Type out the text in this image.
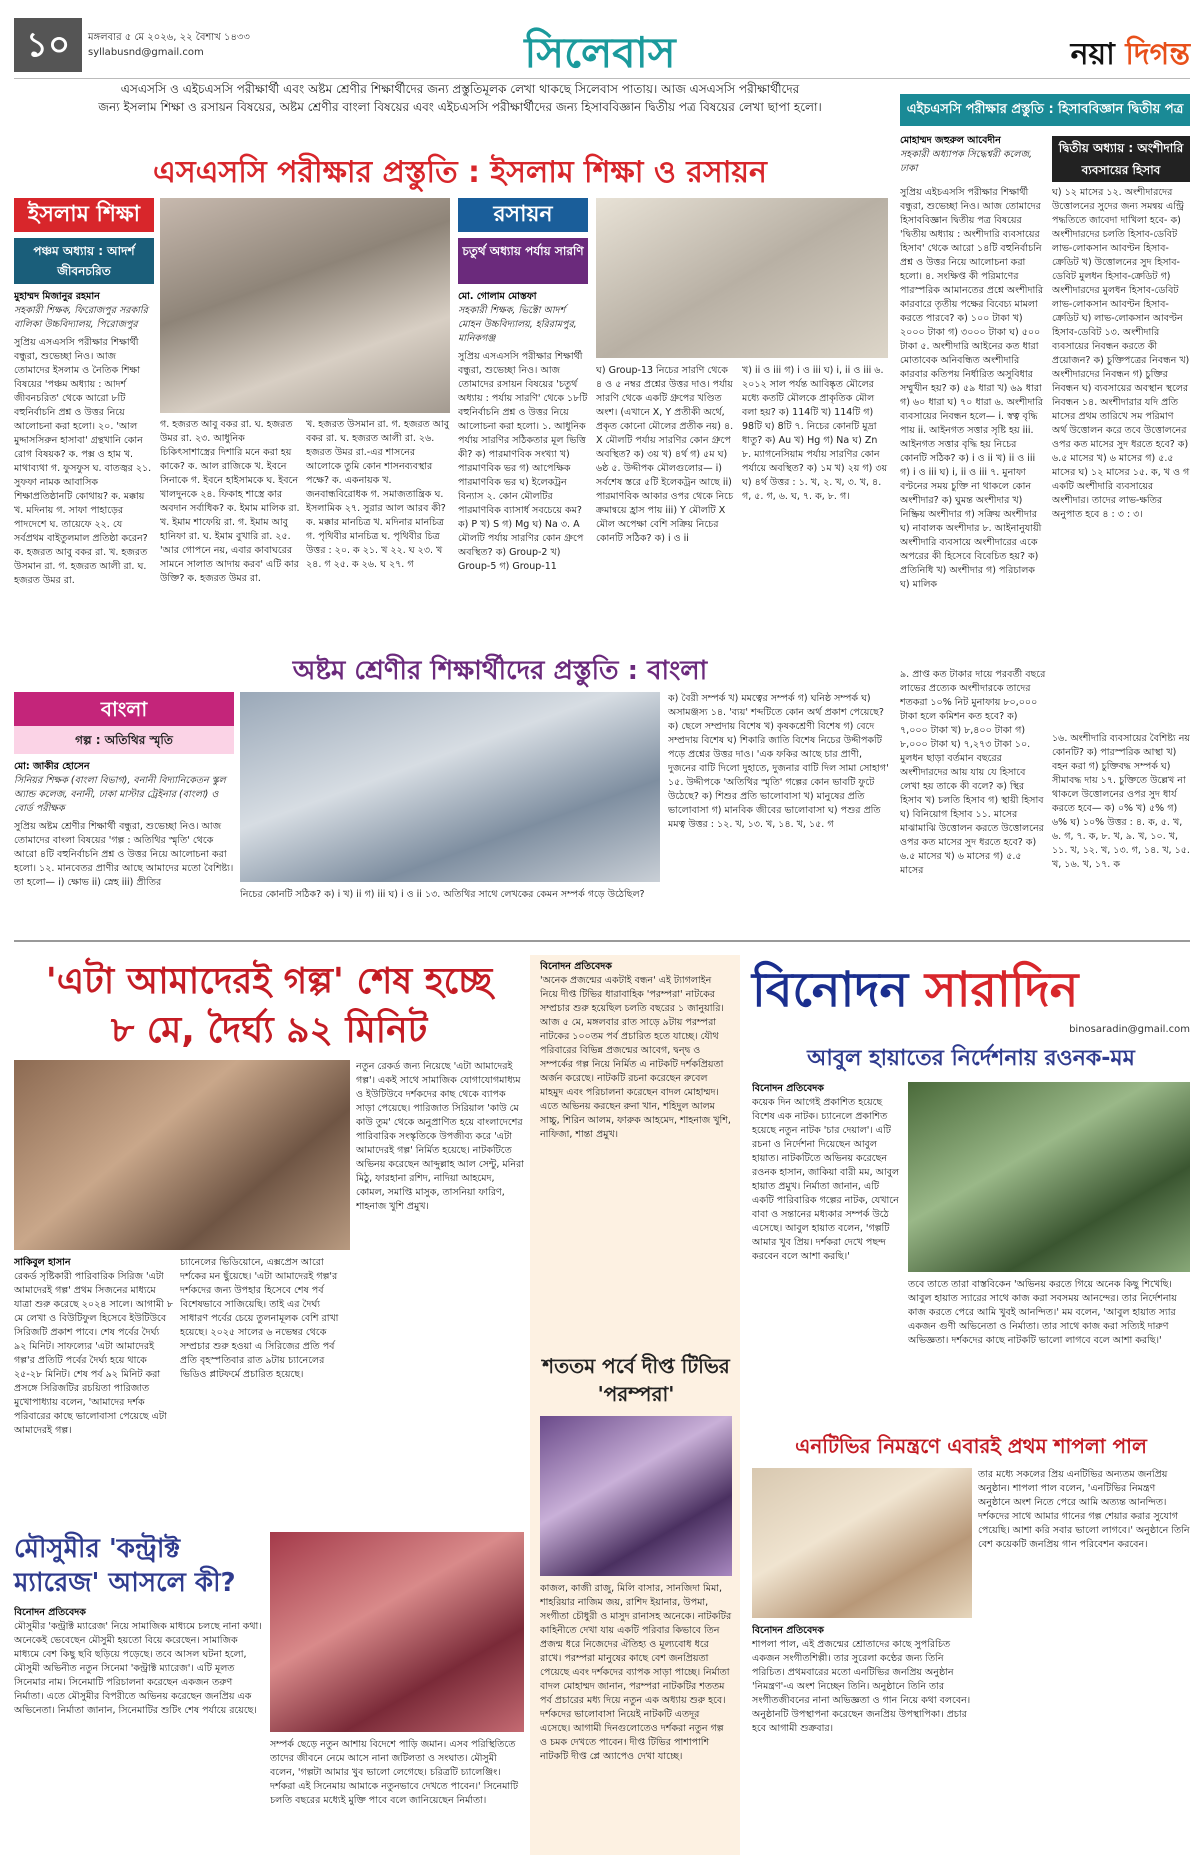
১০	মঙ্গলবার ৫ মে ২০২৬, ২২ বৈশাখ ১৪৩৩
syllabusnd@gmail.com	সিলেবাস	নয়া দিগন্ত
এসএসসি ও এইচএসসি পরীক্ষার্থী এবং অষ্টম শ্রেণীর শিক্ষার্থীদের জন্য প্রস্তুতিমূলক লেখা থাকছে সিলেবাস পাতায়। আজ এসএসসি পরীক্ষার্থীদের
জন্য ইসলাম শিক্ষা ও রসায়ন বিষয়ের, অষ্টম শ্রেণীর বাংলা বিষয়ের এবং এইচএসসি পরীক্ষার্থীদের জন্য হিসাববিজ্ঞান দ্বিতীয় পত্র বিষয়ের লেখা ছাপা হলো।
এসএসসি পরীক্ষার প্রস্তুতি : ইসলাম শিক্ষা ও রসায়ন
ইসলাম শিক্ষা
পঞ্চম অধ্যায় : আদর্শ জীবনচরিত
মুহাম্মদ মিজানুর রহমান
সহকারী শিক্ষক, ফিরোজপুর সরকারি বালিকা উচ্চবিদ্যালয়, পিরোজপুর
সুপ্রিয় এসএসসি পরীক্ষার শিক্ষার্থী বন্ধুরা, শুভেচ্ছা নিও। আজ তোমাদের ইসলাম ও নৈতিক শিক্ষা বিষয়ের 'পঞ্চম অধ্যায় : আদর্শ জীবনচরিত' থেকে আরো ৮টি বহুনির্বাচনি প্রশ্ন ও উত্তর নিয়ে আলোচনা করা হলো। ২০. 'আল মুদ্দাসসিরুন হাসাবা' গ্রন্থখানি কোন রোগ বিষয়ক? ক. পক্স ও হাম খ. মাথাব্যথা গ. ফুসফুস ঘ. বাতজ্বর ২১. সুফফা নামক আবাসিক শিক্ষাপ্রতিষ্ঠানটি কোথায়? ক. মক্কায় খ. মদিনায় গ. সাফা পাহাড়ের পাদদেশে ঘ. তায়েফে ২২. যে সর্বপ্রথম বাইতুলমাল প্রতিষ্ঠা করেন? ক. হজরত আবু বকর রা. খ. হজরত উসমান রা. গ. হজরত আলী রা. ঘ. হজরত উমর রা.
গ. হজরত আবু বকর রা. ঘ. হজরত উমর রা. ২৩. আধুনিক চিকিৎসাশাস্ত্রের দিশারি মনে করা হয় কাকে? ক. আল রাজিকে খ. ইবনে সিনাকে গ. ইবনে হাইসামকে ঘ. ইবনে খালদুনকে ২৪. ফিকাহ শাস্ত্রে কার অবদান সর্বাধিক? ক. ইমাম মালিক রা. খ. ইমাম শাফেয়ি রা. গ. ইমাম আবু হানিফা রা. ঘ. ইমাম বুখারি রা. ২৫. 'আর গোপনে নয়, এবার কাবাঘরের সামনে সালাত আদায় করব' এটি কার উক্তি? ক. হজরত উমর রা.
খ. হজরত উসমান রা. গ. হজরত আবু বকর রা. ঘ. হজরত আলী রা. ২৬. হজরত উমর রা.-এর শাসনের আলোকে তুমি কোন শাসনব্যবস্থার পক্ষে? ক. একনায়ক খ. জনবান্ধবিরোধক গ. সমাজতান্ত্রিক ঘ. ইসলামিক ২৭. সুরার আল আরব কী? ক. মক্কার মানচিত্র খ. মদিনার মানচিত্র গ. পৃথিবীর মানচিত্র ঘ. পৃথিবীর চিত্র উত্তর : ২০. ক ২১. খ ২২. ঘ ২৩. খ ২৪. গ ২৫. ক ২৬. ঘ ২৭. গ
রসায়ন
চতুর্থ অধ্যায় পর্যায় সারণি
মো. গোলাম মোস্তফা
সহকারী শিক্ষক, ভিক্টো আদর্শ মোহন উচ্চবিদ্যালয়, হরিরামপুর, মানিকগঞ্জ
সুপ্রিয় এসএসসি পরীক্ষার শিক্ষার্থী বন্ধুরা, শুভেচ্ছা নিও। আজ তোমাদের রসায়ন বিষয়ের 'চতুর্থ অধ্যায় : পর্যায় সারণি' থেকে ১৮টি বহুনির্বাচনি প্রশ্ন ও উত্তর নিয়ে আলোচনা করা হলো। ১. আধুনিক পর্যায় সারণির সঠিকতার মূল ভিত্তি কী? ক) পারমাণবিক সংখ্যা খ) পারমাণবিক ভর গ) আপেক্ষিক পারমাণবিক ভর ঘ) ইলেকট্রন বিন্যাস ২. কোন মৌলটির পারমাণবিক ব্যাসার্ধ সবচেয়ে কম? ক) P খ) S গ) Mg ঘ) Na ৩. A মৌলটি পর্যায় সারণির কোন গ্রুপে অবস্থিত? ক) Group-2 খ) Group-5 গ) Group-11
ঘ) Group-13 নিচের সারণি থেকে ৪ ও ৫ নম্বর প্রশ্নের উত্তর দাও। পর্যায় সারণি থেকে একটি গ্রুপের খণ্ডিত অংশ। (এখানে X, Y প্রতীকী অর্থে, প্রকৃত কোনো মৌলের প্রতীক নয়) ৪. X মৌলটি পর্যায় সারণির কোন গ্রুপে অবস্থিত? ক) ৩য় খ) ৪র্থ গ) ৫ম ঘ) ৬ষ্ঠ ৫. উদ্দীপক মৌলগুলোর— i) সর্বশেষ স্তরে ৫টি ইলেকট্রন আছে ii) পারমাণবিক আকার ওপর থেকে নিচে ক্রমান্বয়ে হ্রাস পায় iii) Y মৌলটি X মৌল অপেক্ষা বেশি সক্রিয় নিচের কোনটি সঠিক? ক) i ও ii
খ) ii ও iii গ) i ও iii ঘ) i, ii ও iii ৬. ২০১২ সাল পর্যন্ত আবিষ্কৃত মৌলের মধ্যে কতটি মৌলকে প্রাকৃতিক মৌল বলা হয়? ক) 114টি খ) 114টি গ) 98টি ঘ) 8টি ৭. নিচের কোনটি মুদ্রা ধাতু? ক) Au খ) Hg গ) Na ঘ) Zn ৮. ম্যাগনেসিয়াম পর্যায় সারণির কোন পর্যায়ে অবস্থিত? ক) ১ম খ) ২য় গ) ৩য় ঘ) ৪র্থ উত্তর : ১. খ, ২. খ, ৩. খ, ৪. গ, ৫. গ, ৬. ঘ, ৭. ক, ৮. গ।
এইচএসসি পরীক্ষার প্রস্তুতি : হিসাববিজ্ঞান দ্বিতীয় পত্র
মোহাম্মদ জহুরুল আবেদীন
সহকারী অধ্যাপক সিদ্ধেশ্বরী কলেজ, ঢাকা
দ্বিতীয় অধ্যায় : অংশীদারি ব্যবসায়ের হিসাব
সুপ্রিয় এইচএসসি পরীক্ষার শিক্ষার্থী বন্ধুরা, শুভেচ্ছা নিও। আজ তোমাদের হিসাববিজ্ঞান দ্বিতীয় পত্র বিষয়ের 'দ্বিতীয় অধ্যায় : অংশীদারি ব্যবসায়ের হিসাব' থেকে আরো ১৪টি বহুনির্বাচনি প্রশ্ন ও উত্তর নিয়ে আলোচনা করা হলো। ৪. সংক্ষিপ্ত কী পরিমাণের পারস্পরিক আমানতের প্রশ্নে অংশীদারি কারবারে তৃতীয় পক্ষের বিবেচ্য মামলা করতে পারবে? ক) ১০০ টাকা খ) ২০০০ টাকা গ) ৩০০০ টাকা ঘ) ৫০০ টাকা ৫. অংশীদারি আইনের কত ধারা মোতাবেক অনিবন্ধিত অংশীদারি কারবার কতিপয় নির্ধারিত অসুবিধার সম্মুখীন হয়? ক) ৫৯ ধারা খ) ৬৯ ধারা গ) ৬০ ধারা ঘ) ৭০ ধারা ৬. অংশীদারি ব্যবসায়ের নিবন্ধন হলে— i. স্বত্ব বৃদ্ধি পায় ii. আইনগত সত্তার সৃষ্টি হয় iii. আইনগত সত্তার বৃদ্ধি হয় নিচের কোনটি সঠিক? ক) i ও ii খ) ii ও iii গ) i ও iii ঘ) i, ii ও iii ৭. মুনাফা বণ্টনের সময় চুক্তি না থাকলে কোন অংশীদার? ক) ঘুমন্ত অংশীদার খ) নিষ্ক্রিয় অংশীদার গ) সক্রিয় অংশীদার ঘ) নাবালক অংশীদার ৮. আইনানুযায়ী অংশীদারি ব্যবসায়ে অংশীদারের একে অপরের কী হিসেবে বিবেচিত হয়? ক) প্রতিনিধি খ) অংশীদার গ) পরিচালক ঘ) মালিক
৯. প্রাপ্ত কত টাকার দায়ে পরবর্তী বছরে লাভের প্রত্যেক অংশীদারকে তাদের শতকরা ১০% নিট মুনাফায় ৮০,০০০ টাকা হলে কমিশন কত হবে? ক) ৭,০০০ টাকা খ) ৮,৪০০ টাকা গ) ৮,০০০ টাকা ঘ) ৭,২৭৩ টাকা ১০. মুলধন ছাড়া বর্তমান বছরের অংশীদারদের আয় যায় যে হিসাবে লেখা হয় তাকে কী বলে? ক) স্থির হিসাব খ) চলতি হিসাব গ) স্থায়ী হিসাব ঘ) বিনিয়োগ হিসাব ১১. মাসের মাঝামাঝি উত্তোলন করতে উত্তোলনের ওপর কত মাসের সুদ ধরতে হবে? ক) ৬.৫ মাসের খ) ৬ মাসের গ) ৫.৫ মাসের
ঘ) ১২ মাসের ১২. অংশীদারদের উত্তোলনের সুদের জন্য সমন্বয় এন্ট্রি পদ্ধতিতে জাবেদা দাখিলা হবে- ক) অংশীদারদের চলতি হিসাব-ডেবিট লাভ-লোকসান আবণ্টন হিসাব-ক্রেডিট খ) উত্তোলনের সুদ হিসাব-ডেবিট মুলধন হিসাব-ক্রেডিট গ) অংশীদারদের মুলধন হিসাব-ডেবিট লাভ-লোকসান আবণ্টন হিসাব-ক্রেডিট ঘ) লাভ-লোকসান আবণ্টন হিসাব-ডেবিট ১৩. অংশীদারি ব্যবসায়ের নিবন্ধন করতে কী প্রয়োজন? ক) চুক্তিপত্রের নিবন্ধন খ) অংশীদারদের নিবন্ধন গ) চুক্তির নিবন্ধন ঘ) ব্যবসায়ের অবস্থান স্থলের নিবন্ধন ১৪. অংশীদারার যদি প্রতি মাসের প্রথম তারিখে সম পরিমাণ অর্থ উত্তোলন করে তবে উত্তোলনের ওপর কত মাসের সুদ ধরতে হবে? ক) ৬.৫ মাসের খ) ৬ মাসের গ) ৫.৫ মাসের ঘ) ১২ মাসের ১৫. ক, খ ও গ একটি অংশীদারি ব্যবসায়ের অংশীদার। তাদের লাভ-ক্ষতির অনুপাত হবে ৪ : ৩ : ৩।
১৬. অংশীদারি ব্যবসায়ের বৈশিষ্ট্য নয় কোনটি? ক) পারস্পরিক আস্থা খ) বহন করা গ) চুক্তিবদ্ধ সম্পর্ক ঘ) সীমাবদ্ধ দায় ১৭. চুক্তিতে উল্লেখ না থাকলে উত্তোলনের ওপর সুদ ধার্য করতে হবে— ক) ০% খ) ৫% গ) ৬% ঘ) ১০% উত্তর : ৪. ক, ৫. খ, ৬. গ, ৭. ক, ৮. খ, ৯. খ, ১০. খ, ১১. খ, ১২. খ, ১৩. গ, ১৪. খ, ১৫. খ, ১৬. খ, ১৭. ক
অষ্টম শ্রেণীর শিক্ষার্থীদের প্রস্তুতি : বাংলা
বাংলা
গল্প : অতিথির স্মৃতি
মো: জাকীর হোসেন
সিনিয়র শিক্ষক (বাংলা বিভাগ), বনানী বিদ্যানিকেতন স্কুল অ্যান্ড কলেজ, বনানী, ঢাকা মাস্টার ট্রেইনার (বাংলা) ও বোর্ড পরীক্ষক
সুপ্রিয় অষ্টম শ্রেণীর শিক্ষার্থী বন্ধুরা, শুভেচ্ছা নিও। আজ তোমাদের বাংলা বিষয়ের 'গল্প : অতিথির স্মৃতি' থেকে আরো ৪টি বহুনির্বাচনি প্রশ্ন ও উত্তর নিয়ে আলোচনা করা হলো। ১২. মানবেতর প্রাণীর আছে আমাদের মতো বৈশিষ্ট্য। তা হলো— i) ক্ষোভ ii) স্নেহ iii) প্রীতির
নিচের কোনটি সঠিক? ক) i খ) ii গ) iii ঘ) i ও ii ১৩. অতিথির সাথে লেখকের কেমন সম্পর্ক গড়ে উঠেছিল?
ক) বৈরী সম্পর্ক খ) মমত্বের সম্পর্ক গ) ঘনিষ্ঠ সম্পর্ক ঘ) অসামঞ্জস্য ১৪. 'ব্যয়' শব্দটিতে কোন অর্থ প্রকাশ পেয়েছে? ক) ছেলে সম্প্রদায় বিশেষ খ) কৃষকশ্রেণী বিশেষ গ) বেদে সম্প্রদায় বিশেষ ঘ) শিকারি জাতি বিশেষ নিচের উদ্দীপকটি পড়ে প্রশ্নের উত্তর দাও। 'এক ফকির আছে চার প্রাণী, দুজনের বাটি দিলো দুহাতে, দুজনার বাটি দিল সামা সোহাগ' ১৫. উদ্দীপকে 'অতিথির স্মৃতি' গল্পের কোন ভাবটি ফুটে উঠেছে? ক) শিশুর প্রতি ভালোবাসা খ) মানুষের প্রতি ভালোবাসা গ) মানবিক জীবের ভালোবাসা ঘ) পশুর প্রতি মমত্ব উত্তর : ১২. খ, ১৩. খ, ১৪. খ, ১৫. গ
'এটা আমাদেরই গল্প' শেষ হচ্ছে
৮ মে, দৈর্ঘ্য ৯২ মিনিট
সাকিবুল হাসান
রেকর্ড সৃষ্টিকারী পারিবারিক সিরিজ 'এটা আমাদেরই গল্প' প্রথম সিজনের মাধ্যমে যাত্রা শুরু করেছে ২০২৪ সালে। আগামী ৮ মে লেখা ও বিউটিফুল হিসেবে ইউটিউবে সিরিজটি প্রকাশ পাবে। শেষ পর্বের দৈর্ঘ্য ৯২ মিনিট। সাফল্যের 'এটা আমাদেরই গল্প'র প্রতিটি পর্বের দৈর্ঘ্য হয়ে থাকে ২৫-২৮ মিনিট। শেষ পর্ব ৯২ মিনিট করা প্রসঙ্গে সিরিজটির রচয়িতা পারিজাত মুখোপাধ্যায় বলেন, 'আমাদের দর্শক পরিবারের কাছে ভালোবাসা পেয়েছে এটা আমাদেরই গল্প।
চ্যানেলের ভিডিয়োনে, এক্সপ্রেস আরো দর্শকের মন ছুঁয়েছে। 'এটা আমাদেরই গল্প'র দর্শকদের জন্য উপহার হিসেবে শেষ পর্ব বিশেষভাবে সাজিয়েছি। তাই এর দৈর্ঘ্য সাধারণ পর্বের চেয়ে তুলনামূলক বেশি রাখা হয়েছে। ২০২৫ সালের ৬ নভেম্বর থেকে সম্প্রচার শুরু হওয়া এ সিরিজের প্রতি পর্ব প্রতি বৃহস্পতিবার রাত ৯টায় চ্যানেলের ভিডিও প্লাটফর্মে প্রচারিত হয়েছে।
নতুন রেকর্ড জন্য নিয়েছে 'এটা আমাদেরই গল্প'। একই সাথে সামাজিক যোগাযোগমাধ্যম ও ইউটিউবে দর্শকদের কাছ থেকে ব্যাপক সাড়া পেয়েছে। পারিজাত সিরিয়াল 'কাউ মে কাউ তুম' থেকে অনুপ্রাণিত হয়ে বাংলাদেশের পারিবারিক সংস্কৃতিকে উপজীব্য করে 'এটা আমাদেরই গল্প' নির্মিত হয়েছে। নাটকটিতে অভিনয় করেছেন আব্দুল্লাহ আল সেন্টু, মনিরা মিঠু, ফারহানা রশিদ, নাদিয়া আহমেদ, কোমল, সমাপ্তি মাসুক, তাসনিয়া ফারিণ, শাহনাজ খুশি প্রমুখ।
মৌসুমীর 'কন্ট্রাক্ট ম্যারেজ' আসলে কী?
বিনোদন প্রতিবেদক
মৌসুমীর 'কন্ট্রাক্ট ম্যারেজ' নিয়ে সামাজিক মাধ্যমে চলছে নানা কথা। অনেকেই ভেবেছেন মৌসুমী হয়তো বিয়ে করেছেন। সামাজিক মাধ্যমে বেশ কিছু ছবি ছড়িয়ে পড়েছে। তবে আসল ঘটনা হলো, মৌসুমী অভিনীত নতুন সিনেমা 'কন্ট্রাক্ট ম্যারেজ'। এটি মূলত সিনেমার নাম। সিনেমাটি পরিচালনা করেছেন একজন তরুণ নির্মাতা। এতে মৌসুমীর বিপরীতে অভিনয় করেছেন জনপ্রিয় এক অভিনেতা। নির্মাতা জানান, সিনেমাটির শুটিং শেষ পর্যায়ে রয়েছে।
সম্পর্ক ছেড়ে নতুন আশায় বিদেশে পাড়ি জমান। এসব পরিস্থিতিতে তাদের জীবনে নেমে আসে নানা জটিলতা ও সংঘাত। মৌসুমী বলেন, 'গল্পটা আমার খুব ভালো লেগেছে। চরিত্রটি চ্যালেঞ্জিং। দর্শকরা এই সিনেমায় আমাকে নতুনভাবে দেখতে পাবেন।' সিনেমাটি চলতি বছরের মধ্যেই মুক্তি পাবে বলে জানিয়েছেন নির্মাতা।
বিনোদন প্রতিবেদক
'অনেক প্রজন্মের একটাই বন্ধন' এই ট্যাগলাইন নিয়ে দীপ্ত টিভির ধারাবাহিক 'পরম্পরা' নাটকের সম্প্রচার শুরু হয়েছিল চলতি বছরের ১ জানুয়ারি। আজ ৫ মে, মঙ্গলবার রাত সাড়ে ৯টায় পরম্পরা নাটকের ১০০তম পর্ব প্রচারিত হতে যাচ্ছে। যৌথ পরিবারের বিভিন্ন প্রজন্মের আবেগ, দ্বন্দ্ব ও সম্পর্কের গল্প নিয়ে নির্মিত এ নাটকটি দর্শকপ্রিয়তা অর্জন করেছে। নাটকটি রচনা করেছেন রুবেল মাহমুদ এবং পরিচালনা করেছেন বাদল মোহাম্মদ। এতে অভিনয় করছেন রুনা খান, শহিদুল আলম সাচ্চু, শিরিন আলম, ফারুক আহমেদ, শাহনাজ খুশি, নাফিজা, শান্তা প্রমুখ।
শততম পর্বে দীপ্ত টিভির 'পরম্পরা'
কাজল, কাজী রাজু, মিলি বাসার, সানজিদা মিমা, শাহরিয়ার নাজিম জয়, রাশিদ ইয়ানার, উপমা, সংগীতা চৌধুরী ও মাসুদ রানাসহ অনেকে। নাটকটির কাহিনীতে দেখা যায় একটি পরিবার কিভাবে তিন প্রজন্ম ধরে নিজেদের ঐতিহ্য ও মূল্যবোধ ধরে রাখে। পরম্পরা মানুষের কাছে বেশ জনপ্রিয়তা পেয়েছে এবং দর্শকদের ব্যাপক সাড়া পাচ্ছে। নির্মাতা বাদল মোহাম্মদ জানান, পরম্পরা নাটকটির শততম পর্ব প্রচারের মধ্য দিয়ে নতুন এক অধ্যায় শুরু হবে। দর্শকদের ভালোবাসা নিয়েই নাটকটি এতদূর এসেছে। আগামী দিনগুলোতেও দর্শকরা নতুন গল্প ও চমক দেখতে পাবেন। দীপ্ত টিভির পাশাপাশি নাটকটি দীপ্ত প্লে অ্যাপেও দেখা যাচ্ছে।
বিনোদন সারাদিন
binosaradin@gmail.com
আবুল হায়াতের নির্দেশনায় রওনক-মম
বিনোদন প্রতিবেদক
কয়েক দিন আগেই প্রকাশিত হয়েছে বিশেষ এক নাটক। চ্যানেলে প্রকাশিত হয়েছে নতুন নাটক 'চার দেয়াল'। এটি রচনা ও নির্দেশনা দিয়েছেন আবুল হায়াত। নাটকটিতে অভিনয় করেছেন রওনক হাসান, জাকিয়া বারী মম, আবুল হায়াত প্রমুখ। নির্মাতা জানান, এটি একটি পারিবারিক গল্পের নাটক, যেখানে বাবা ও সন্তানের মধ্যকার সম্পর্ক উঠে এসেছে। আবুল হায়াত বলেন, 'গল্পটি আমার খুব প্রিয়। দর্শকরা দেখে পছন্দ করবেন বলে আশা করছি।'
তবে তাতে তারা বাস্তবিকেন 'অভিনয় করতে গিয়ে অনেক কিছু শিখেছি। আবুল হায়াত স্যারের সাথে কাজ করা সবসময় আনন্দের। তার নির্দেশনায় কাজ করতে পেরে আমি খুবই আনন্দিত।' মম বলেন, 'আবুল হায়াত স্যার একজন গুণী অভিনেতা ও নির্মাতা। তার সাথে কাজ করা সত্যিই দারুণ অভিজ্ঞতা। দর্শকদের কাছে নাটকটি ভালো লাগবে বলে আশা করছি।'
এনটিভির নিমন্ত্রণে এবারই প্রথম শাপলা পাল
বিনোদন প্রতিবেদক
শাপলা পাল, এই প্রজন্মের শ্রোতাদের কাছে সুপরিচিত একজন সংগীতশিল্পী। তার সুরেলা কণ্ঠের জন্য তিনি পরিচিত। প্রথমবারের মতো এনটিভির জনপ্রিয় অনুষ্ঠান 'নিমন্ত্রণ'-এ অংশ নিচ্ছেন তিনি। অনুষ্ঠানে তিনি তার সংগীতজীবনের নানা অভিজ্ঞতা ও গান নিয়ে কথা বলবেন। অনুষ্ঠানটি উপস্থাপনা করেছেন জনপ্রিয় উপস্থাপিকা। প্রচার হবে আগামী শুক্রবার।
তার মধ্যে সকলের প্রিয় এনটিভির অন্যতম জনপ্রিয় অনুষ্ঠান। শাপলা পাল বলেন, 'এনটিভির নিমন্ত্রণ অনুষ্ঠানে অংশ নিতে পেরে আমি অত্যন্ত আনন্দিত। দর্শকদের সাথে আমার গানের গল্প শেয়ার করার সুযোগ পেয়েছি। আশা করি সবার ভালো লাগবে।' অনুষ্ঠানে তিনি বেশ কয়েকটি জনপ্রিয় গান পরিবেশন করবেন।
